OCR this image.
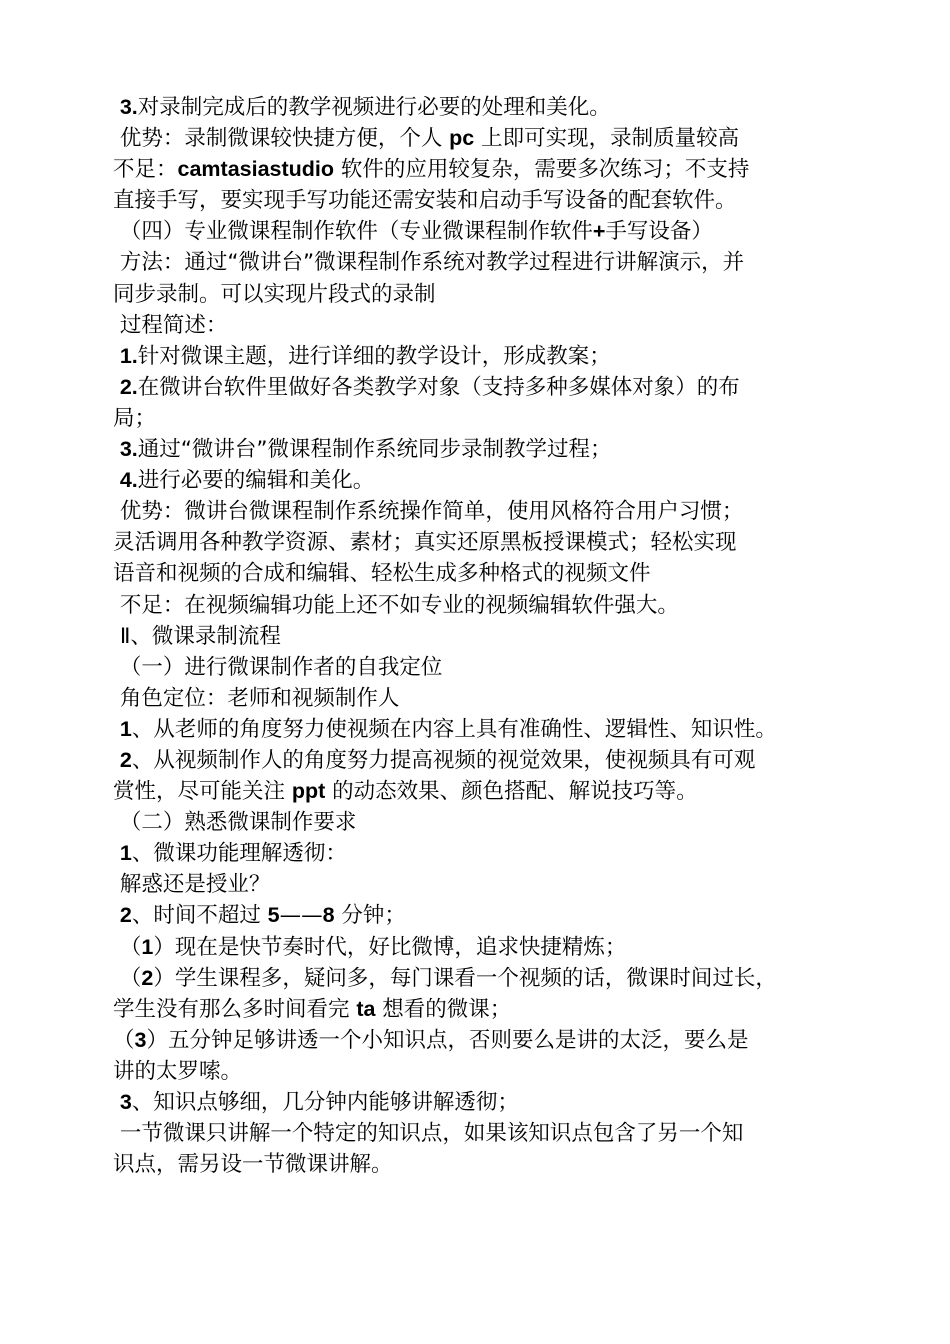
3.对录制完成后的教学视频进行必要的处理和美化。
优势：录制微课较快捷方便，个人 pc 上即可实现，录制质量较高
不足：camtasiastudio 软件的应用较复杂，需要多次练习；不支持
直接手写，要实现手写功能还需安装和启动手写设备的配套软件。
（四）专业微课程制作软件（专业微课程制作软件+手写设备）
方法：通过“微讲台”微课程制作系统对教学过程进行讲解演示，并
同步录制。可以实现片段式的录制
过程简述：
1.针对微课主题，进行详细的教学设计，形成教案；
2.在微讲台软件里做好各类教学对象（支持多种多媒体对象）的布
局；
3.通过“微讲台”微课程制作系统同步录制教学过程；
4.进行必要的编辑和美化。
优势：微讲台微课程制作系统操作简单，使用风格符合用户习惯；
灵活调用各种教学资源、素材；真实还原黑板授课模式；轻松实现
语音和视频的合成和编辑、轻松生成多种格式的视频文件
不足：在视频编辑功能上还不如专业的视频编辑软件强大。
Ⅱ、微课录制流程
（一）进行微课制作者的自我定位
角色定位：老师和视频制作人
1、从老师的角度努力使视频在内容上具有准确性、逻辑性、知识性。
2、从视频制作人的角度努力提高视频的视觉效果，使视频具有可观
赏性，尽可能关注 ppt 的动态效果、颜色搭配、解说技巧等。
（二）熟悉微课制作要求
1、微课功能理解透彻：
解惑还是授业？
2、时间不超过 5——8 分钟；
（1）现在是快节奏时代，好比微博，追求快捷精炼；
（2）学生课程多，疑问多，每门课看一个视频的话，微课时间过长，
学生没有那么多时间看完 ta 想看的微课；
（3）五分钟足够讲透一个小知识点，否则要么是讲的太泛，要么是
讲的太罗嗦。
3、知识点够细，几分钟内能够讲解透彻；
一节微课只讲解一个特定的知识点，如果该知识点包含了另一个知
识点，需另设一节微课讲解。
